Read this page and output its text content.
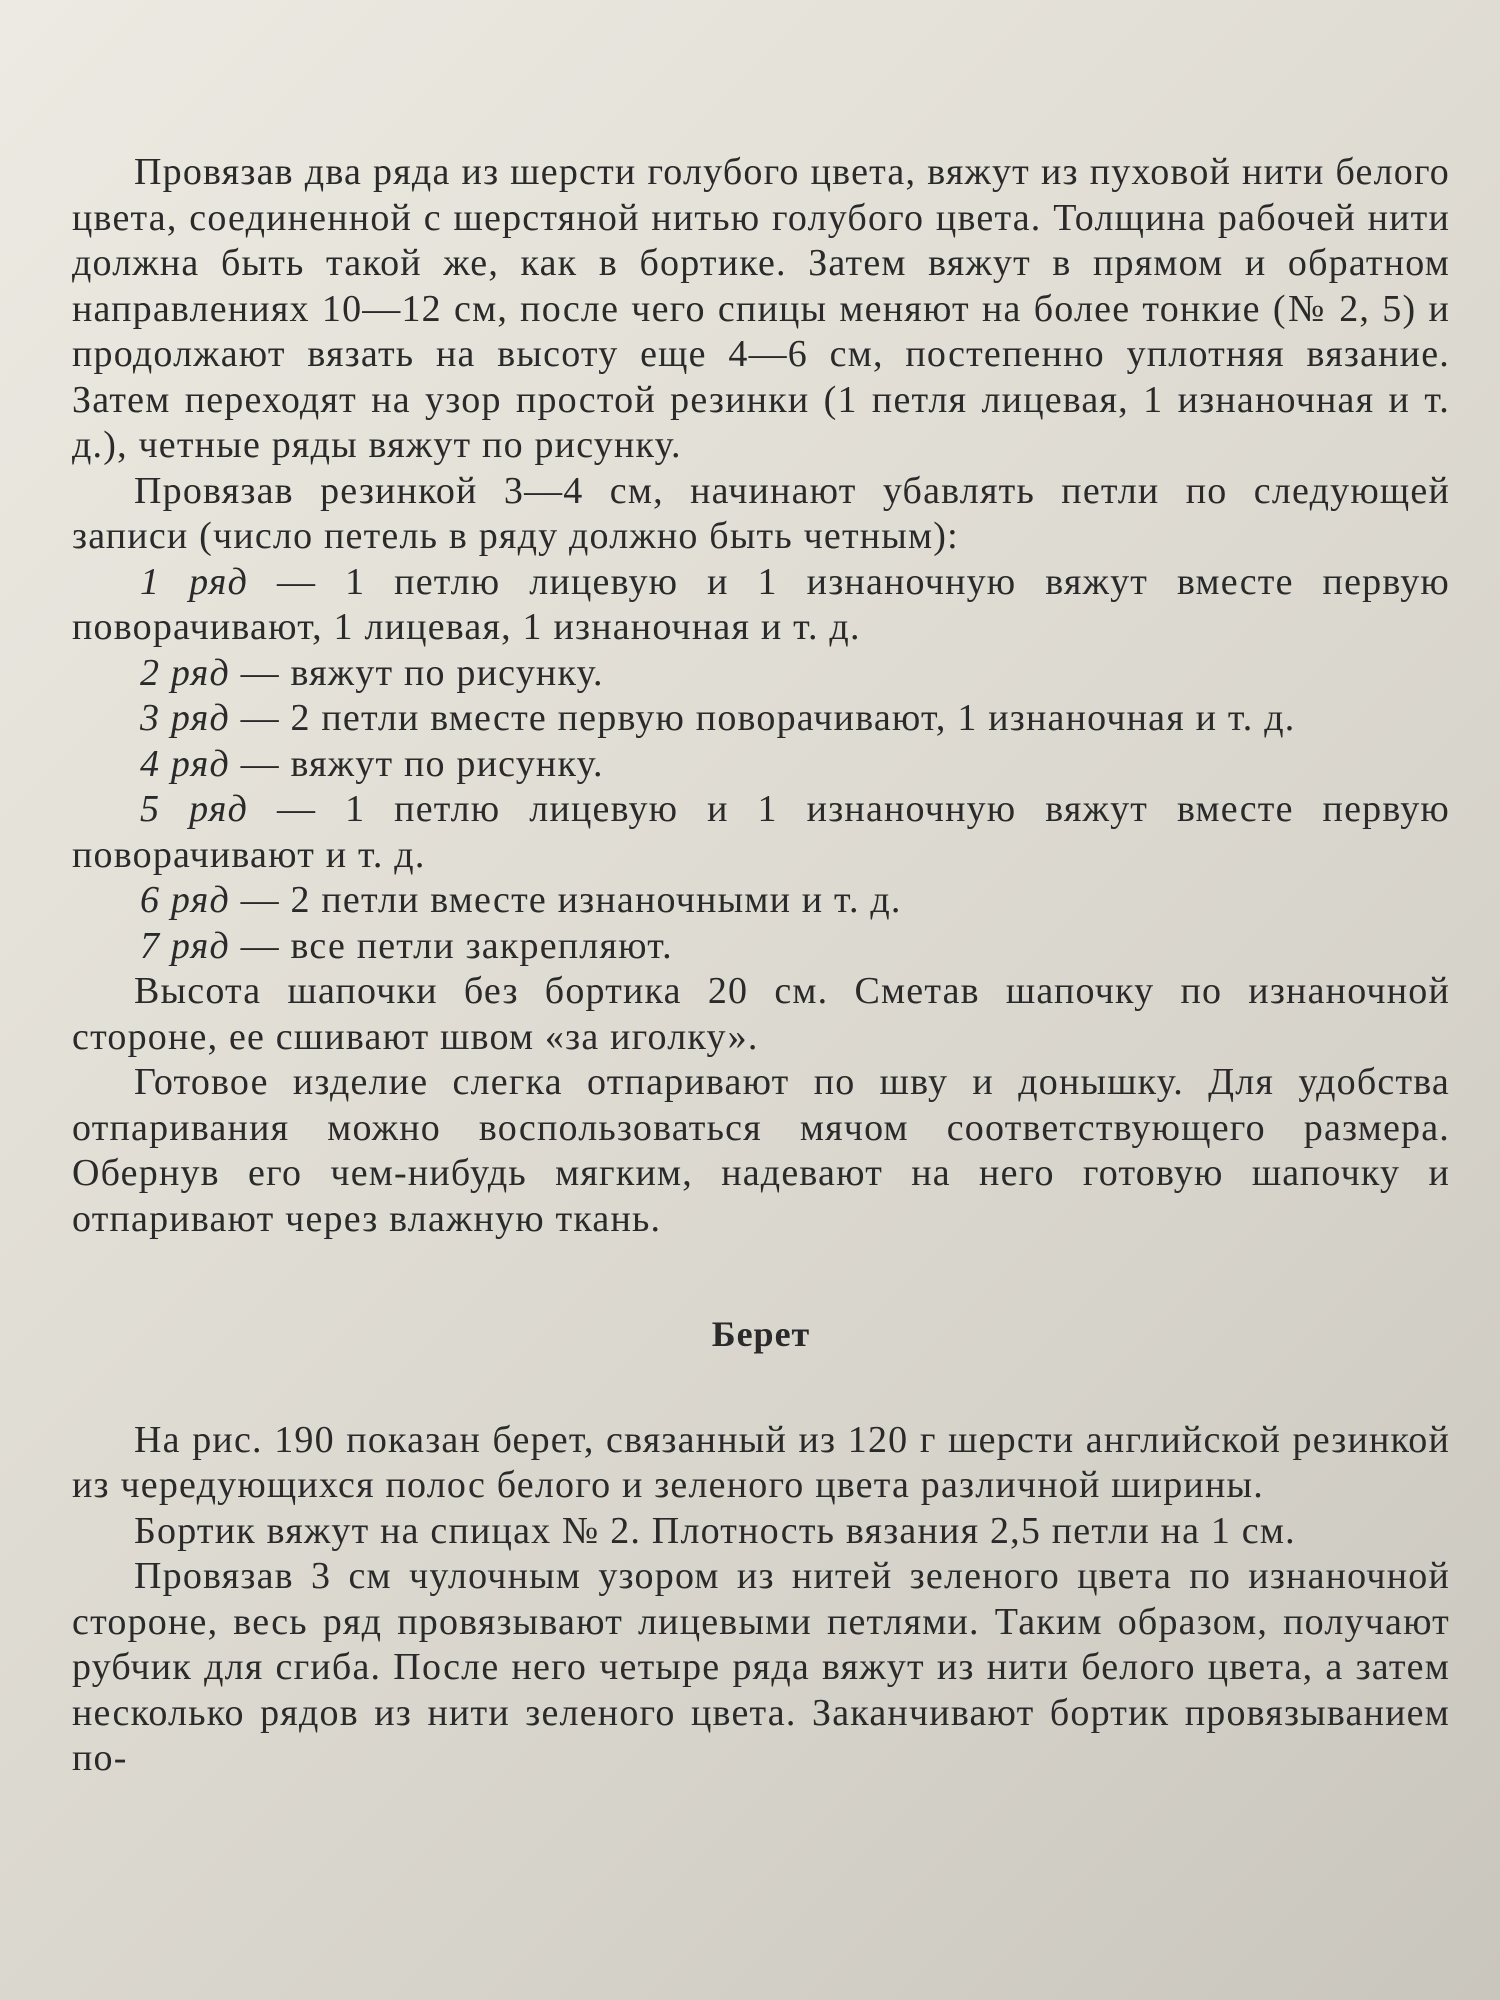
Провязав два ряда из шерсти голубого цвета, вяжут из пуховой нити белого цвета, соединенной с шерстяной нитью голубого цвета. Толщина рабочей нити должна быть такой же, как в бортике. Затем вяжут в прямом и обратном направлениях 10—12 см, после чего спицы меняют на более тонкие (№ 2, 5) и продолжают вязать на высоту еще 4—6 см, постепенно уплотняя вязание. Затем переходят на узор простой резинки (1 петля лицевая, 1 изнаночная и т. д.), четные ряды вяжут по рисунку.

Провязав резинкой 3—4 см, начинают убавлять петли по следующей записи (число петель в ряду должно быть четным):

1 ряд — 1 петлю лицевую и 1 изнаночную вяжут вместе первую поворачивают, 1 лицевая, 1 изнаночная и т. д.

2 ряд — вяжут по рисунку.

3 ряд — 2 петли вместе первую поворачивают, 1 изнаночная и т. д.

4 ряд — вяжут по рисунку.

5 ряд — 1 петлю лицевую и 1 изнаночную вяжут вместе первую поворачивают и т. д.

6 ряд — 2 петли вместе изнаночными и т. д.

7 ряд — все петли закрепляют.

Высота шапочки без бортика 20 см. Сметав шапочку по изнаночной стороне, ее сшивают швом «за иголку».

Готовое изделие слегка отпаривают по шву и донышку. Для удобства отпаривания можно воспользоваться мячом соответствующего размера. Обернув его чем-нибудь мягким, надевают на него готовую шапочку и отпаривают через влажную ткань.

Берет

На рис. 190 показан берет, связанный из 120 г шерсти английской резинкой из чередующихся полос белого и зеленого цвета различной ширины.

Бортик вяжут на спицах № 2. Плотность вязания 2,5 петли на 1 см.

Провязав 3 см чулочным узором из нитей зеленого цвета по изнаночной стороне, весь ряд провязывают лицевыми петлями. Таким образом, получают рубчик для сгиба. После него четыре ряда вяжут из нити белого цвета, а затем несколько рядов из нити зеленого цвета. Заканчивают бортик провязыванием по-
